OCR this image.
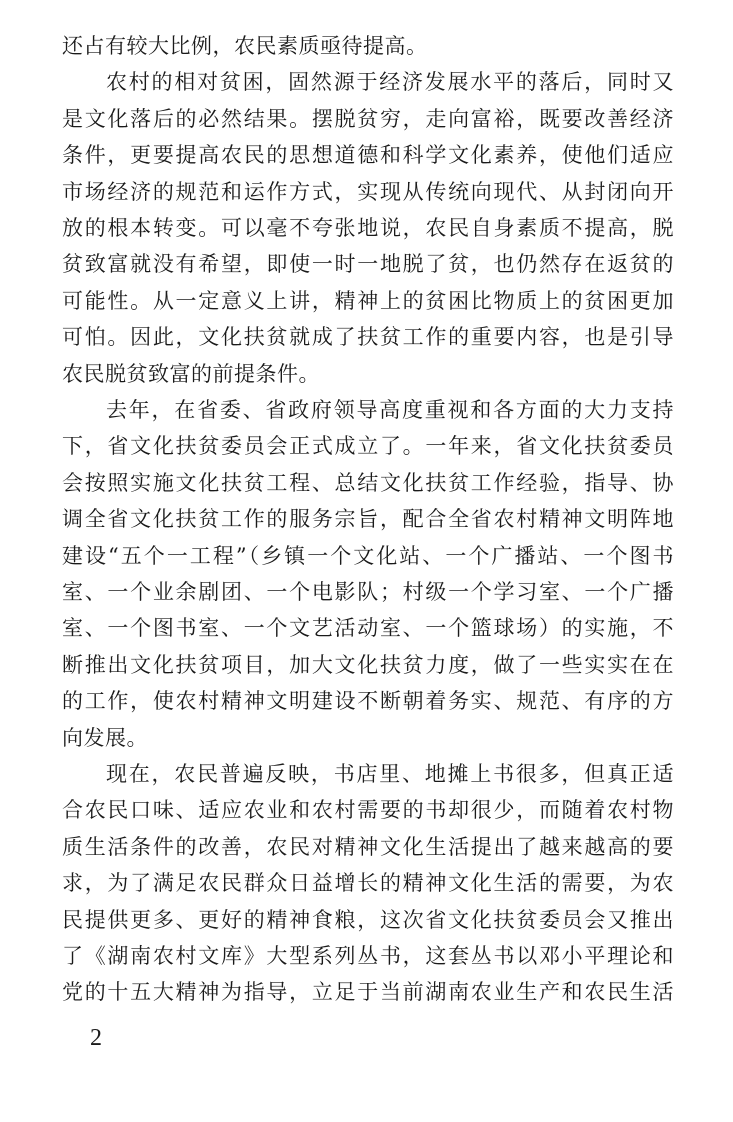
还占有较大比例，农民素质亟待提高。
农村的相对贫困，固然源于经济发展水平的落后，同时又
是文化落后的必然结果。摆脱贫穷，走向富裕，既要改善经济
条件，更要提高农民的思想道德和科学文化素养，使他们适应
市场经济的规范和运作方式，实现从传统向现代、从封闭向开
放的根本转变。可以毫不夸张地说，农民自身素质不提高，脱
贫致富就没有希望，即使一时一地脱了贫，也仍然存在返贫的
可能性。从一定意义上讲，精神上的贫困比物质上的贫困更加
可怕。因此，文化扶贫就成了扶贫工作的重要内容，也是引导
农民脱贫致富的前提条件。
去年，在省委、省政府领导高度重视和各方面的大力支持
下，省文化扶贫委员会正式成立了。一年来，省文化扶贫委员
会按照实施文化扶贫工程、总结文化扶贫工作经验，指导、协
调全省文化扶贫工作的服务宗旨，配合全省农村精神文明阵地
建设“五个一工程”（乡镇一个文化站、一个广播站、一个图书
室、一个业余剧团、一个电影队；村级一个学习室、一个广播
室、一个图书室、一个文艺活动室、一个篮球场）的实施，不
断推出文化扶贫项目，加大文化扶贫力度，做了一些实实在在
的工作，使农村精神文明建设不断朝着务实、规范、有序的方
向发展。
现在，农民普遍反映，书店里、地摊上书很多，但真正适
合农民口味、适应农业和农村需要的书却很少，而随着农村物
质生活条件的改善，农民对精神文化生活提出了越来越高的要
求，为了满足农民群众日益增长的精神文化生活的需要，为农
民提供更多、更好的精神食粮，这次省文化扶贫委员会又推出
了《湖南农村文库》大型系列丛书，这套丛书以邓小平理论和
党的十五大精神为指导，立足于当前湖南农业生产和农民生活
2
